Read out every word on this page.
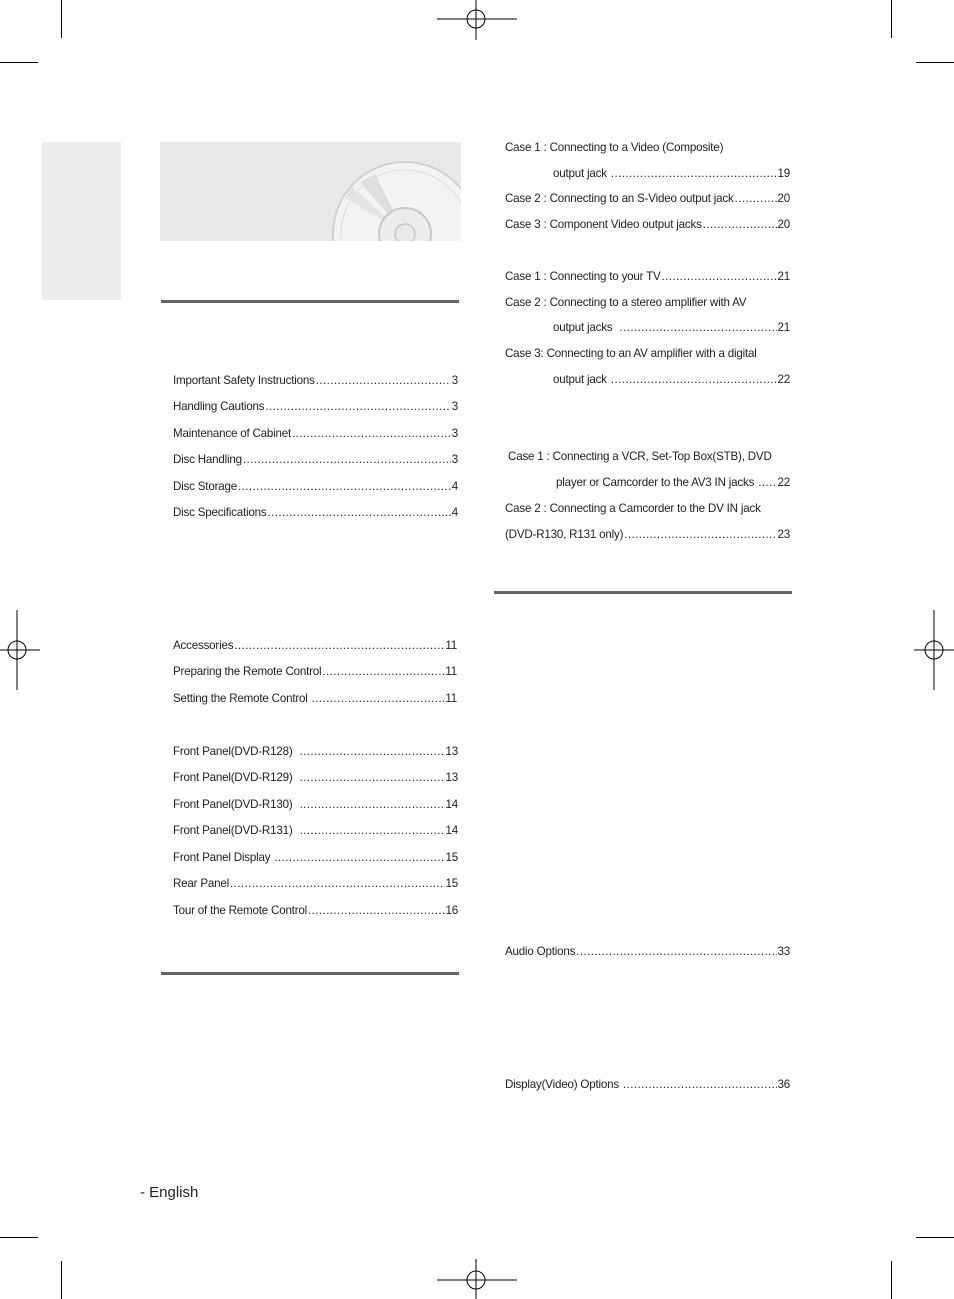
Important Safety Instructions .....	3
Handling Cautions .....	3
Maintenance of Cabinet .....	3
Disc Handling .....	3
Disc Storage .....	4
Disc Specifications .....	4
Accessories .....	11
Preparing the Remote Control .....	11
Setting the Remote Control .....	11
Front Panel(DVD-R128) .....	13
Front Panel(DVD-R129) .....	13
Front Panel(DVD-R130) .....	14
Front Panel(DVD-R131) .....	14
Front Panel Display .....	15
Rear Panel .....	15
Tour of the Remote Control .....	16
Case 1 : Connecting to a Video (Composite)
output jack .....	19
Case 2 : Connecting to an S-Video output jack .....	20
Case 3 : Component Video output jacks .....	20
Case 1 : Connecting to your TV .....	21
Case 2 : Connecting to a stereo amplifier with AV
output jacks .....	21
Case 3: Connecting to an AV amplifier with a digital
output jack .....	22
Case 1 : Connecting a VCR, Set-Top Box(STB), DVD
player or Camcorder to the AV3 IN jacks ..... 22
Case 2 : Connecting a Camcorder to the DV IN jack
(DVD-R130, R131 only) .....	23
Audio Options .....	33
Display(Video) Options .....	36
- English
